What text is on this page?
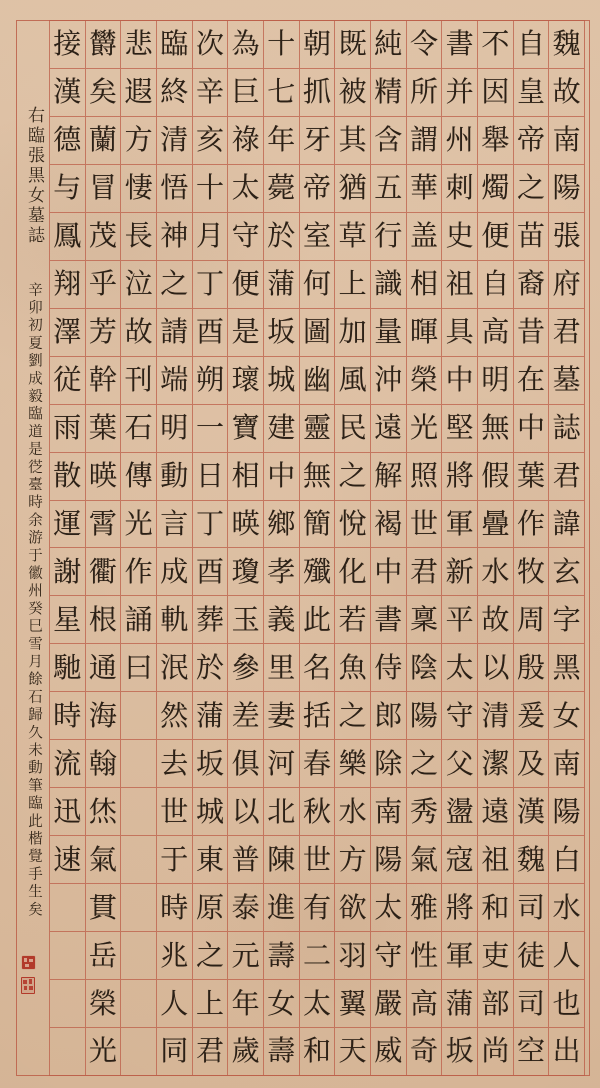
魏
故
南
陽
張
府
君
墓
誌
君
諱
玄
字
黑
女
南
陽
白
水
人
也
出
自
皇
帝
之
苗
裔
昔
在
中
葉
作
牧
周
殷
爰
及
漢
魏
司
徒
司
空
不
因
舉
燭
便
自
高
明
無
假
曡
水
故
以
清
潔
遠
祖
和
吏
部
尚
書
并
州
刺
史
祖
具
中
堅
將
軍
新
平
太
守
父
盪
寇
將
軍
蒲
坂
令
所
謂
華
盖
相
暉
榮
光
照
世
君
稟
陰
陽
之
秀
氣
雅
性
高
奇
純
精
含
五
行
識
量
沖
遠
解
褐
中
書
侍
郎
除
南
陽
太
守
嚴
威
既
被
其
猶
草
上
加
風
民
之
悅
化
若
魚
之
樂
水
方
欲
羽
翼
天
朝
抓
牙
帝
室
何
圖
幽
靈
無
簡
殲
此
名
括
春
秋
世
有
二
太
和
十
七
年
薨
於
蒲
坂
城
建
中
鄉
孝
義
里
妻
河
北
陳
進
壽
女
壽
為
巨
祿
太
守
便
是
瓌
寶
相
暎
瓊
玉
參
差
俱
以
普
泰
元
年
歲
次
辛
亥
十
月
丁
酉
朔
一
日
丁
酉
葬
於
蒲
坂
城
東
原
之
上
君
臨
終
清
悟
神
之
請
端
明
動
言
成
軌
泯
然
去
世
于
時
兆
人
同
悲
遐
方
悽
長
泣
故
刊
石
傳
光
作
誦
曰
欝
矣
蘭
冒
茂
乎
芳
幹
葉
暎
霄
衢
根
通
海
翰
烋
氣
貫
岳
榮
光
接
漢
德
与
鳳
翔
澤
従
雨
散
運
謝
星
馳
時
流
迅
速
右臨張黒女墓誌
辛卯初夏劉成毅臨道是徔臺時余游于徽州癸巳雪月餘石歸久未動筆臨此楷覺手生矣
